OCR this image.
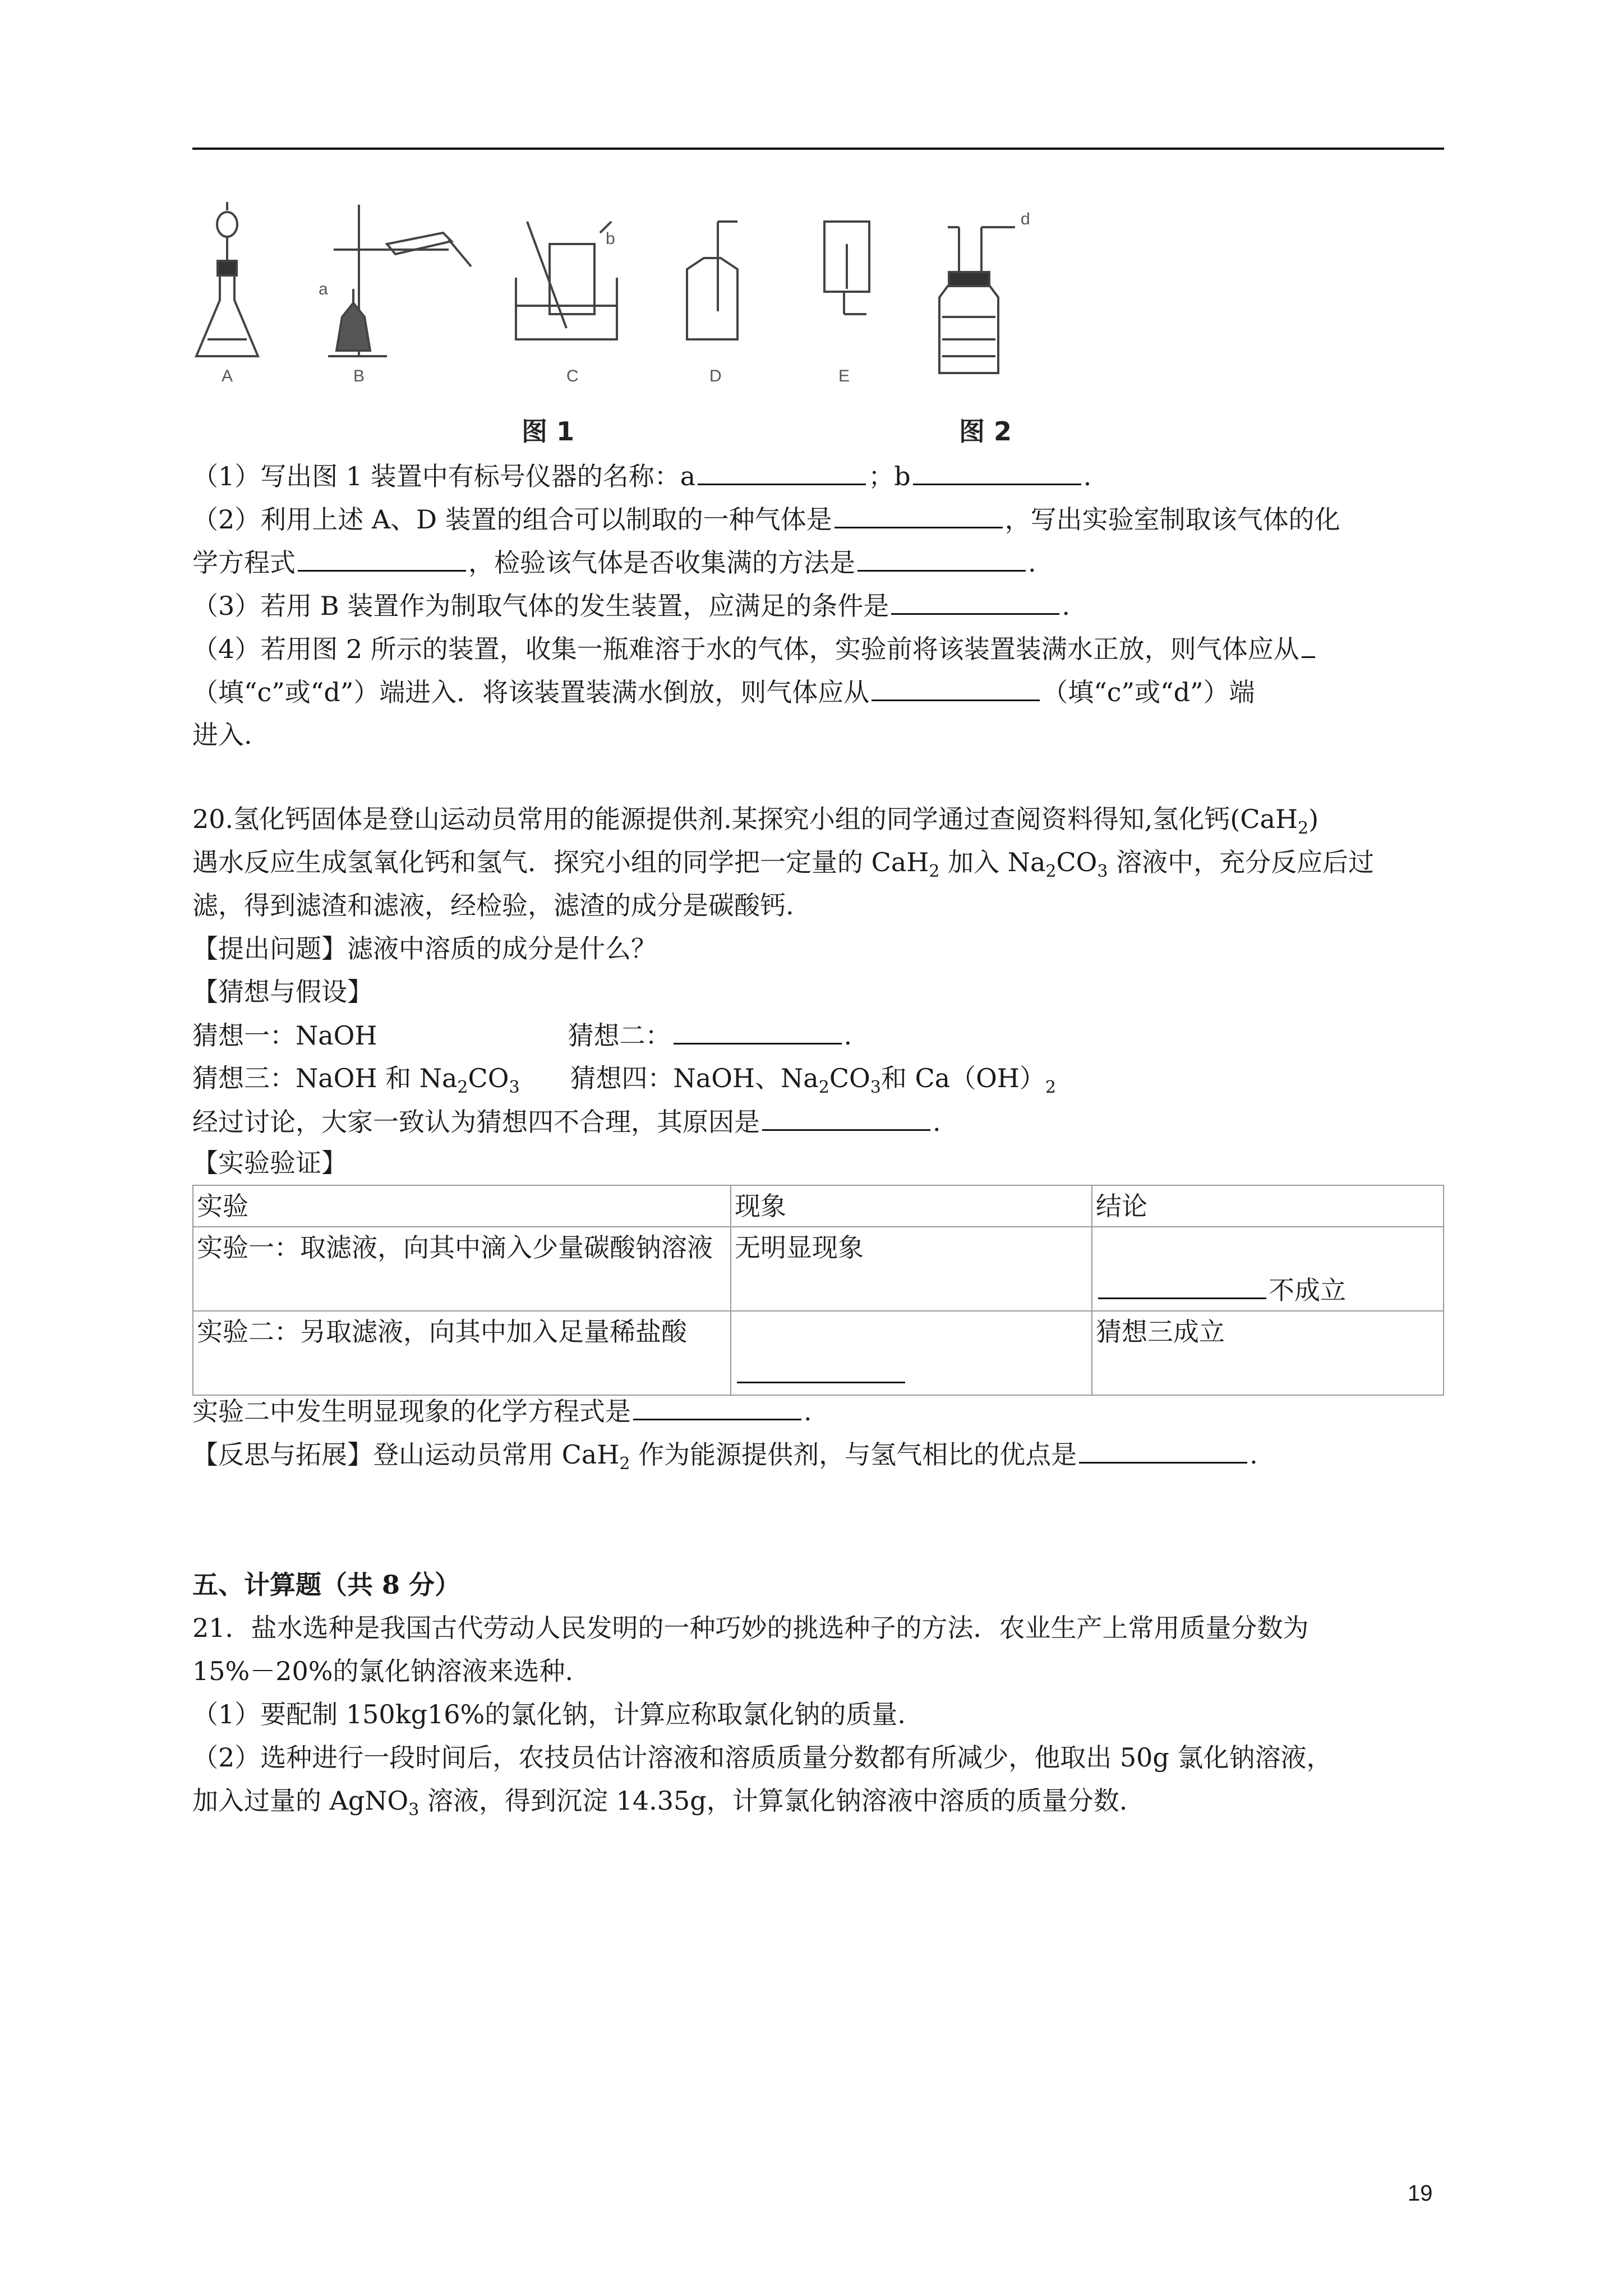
A	B	C	D	E
a
b
d
图 1	图 2
（1）写出图 1 装置中有标号仪器的名称：a	；b	.
（2）利用上述 A、D 装置的组合可以制取的一种气体是	，写出实验室制取该气体的化
学方程式	，检验该气体是否收集满的方法是	.
（3）若用 B 装置作为制取气体的发生装置，应满足的条件是	.
（4）若用图 2 所示的装置，收集一瓶难溶于水的气体，实验前将该装置装满水正放，则气体应从
（填“c”或“d”）端进入．将该装置装满水倒放，则气体应从	（填“c”或“d”）端
进入.
20.氢化钙固体是登山运动员常用的能源提供剂.某探究小组的同学通过查阅资料得知,氢化钙(CaH$_2$)
遇水反应生成氢氧化钙和氢气．探究小组的同学把一定量的 CaH$_2$ 加入 $Na_2CO_3$ 溶液中，充分反应后过
滤，得到滤渣和滤液，经检验，滤渣的成分是碳酸钙.
【提出问题】滤液中溶质的成分是什么？
【猜想与假设】
猜想一：NaOH	猜想二：	.
猜想三：NaOH 和 $Na_2CO_3$ 猜想四：NaOH、$Na_2CO_3$和 $Ca(OH)_2$
经过讨论，大家一致认为猜想四不合理，其原因是	.
【实验验证】
实验	现象	结论
实验一：取滤液，向其中滴入少量碳酸钠溶液	无明显现象	不成立
实验二：另取滤液，向其中加入足量稀盐酸		猜想三成立
实验二中发生明显现象的化学方程式是	.
【反思与拓展】登山运动员常用 CaH$_2$ 作为能源提供剂，与氢气相比的优点是	.
五、计算题（共 8 分）
21．盐水选种是我国古代劳动人民发明的一种巧妙的挑选种子的方法．农业生产上常用质量分数为
15%－20%的氯化钠溶液来选种.
（1）要配制 150kg16%的氯化钠，计算应称取氯化钠的质量.
（2）选种进行一段时间后，农技员估计溶液和溶质质量分数都有所减少，他取出 50g 氯化钠溶液，
加入过量的 AgNO$_3$ 溶液，得到沉淀 14.35g，计算氯化钠溶液中溶质的质量分数.
19
